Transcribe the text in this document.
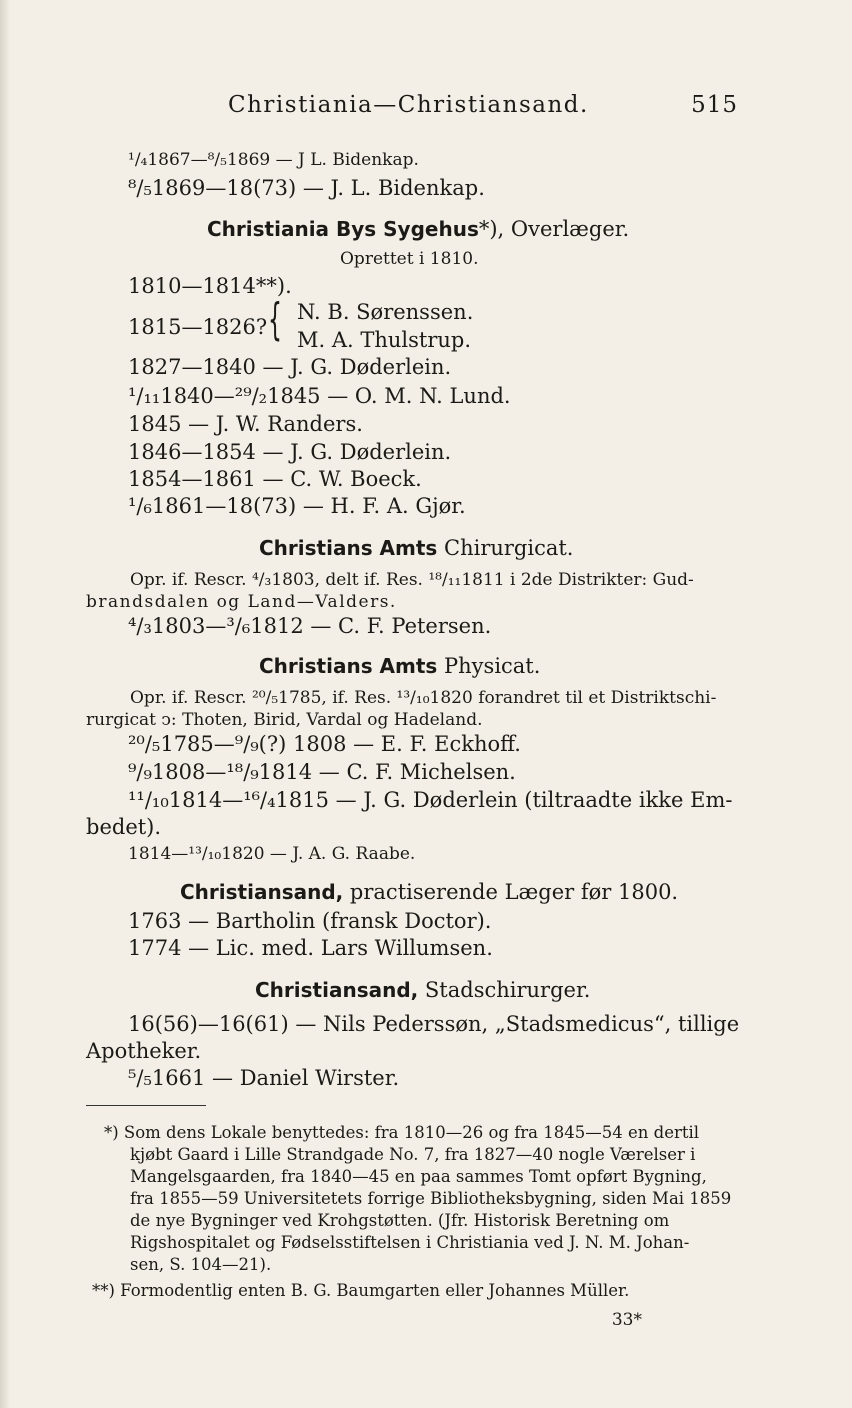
Christiania—Christiansand.	515
¹/₄1867—⁸/₅1869 — J L. Bidenkap.
⁸/₅1869—18(73) — J. L. Bidenkap.
Christiania Bys Sygehus*), Overlæger.
Oprettet i 1810.
1810—1814**).
1815—1826? { N. B. Sørenssen.
M. A. Thulstrup.
1827—1840 — J. G. Døderlein.
¹/₁₁1840—²⁹/₂1845 — O. M. N. Lund.
1845 — J. W. Randers.
1846—1854 — J. G. Døderlein.
1854—1861 — C. W. Boeck.
¹/₆1861—18(73) — H. F. A. Gjør.
Christians Amts Chirurgicat.
Opr. if. Rescr. ⁴/₃1803, delt if. Res. ¹⁸/₁₁1811 i 2de Distrikter: Gud-
brandsdalen og Land—Valders.
⁴/₃1803—³/₆1812 — C. F. Petersen.
Christians Amts Physicat.
Opr. if. Rescr. ²⁰/₅1785, if. Res. ¹³/₁₀1820 forandret til et Distriktschi-
rurgicat ↄ: Thoten, Birid, Vardal og Hadeland.
²⁰/₅1785—⁹/₉(?) 1808 — E. F. Eckhoff.
⁹/₉1808—¹⁸/₉1814 — C. F. Michelsen.
¹¹/₁₀1814—¹⁶/₄1815 — J. G. Døderlein (tiltraadte ikke Em-
bedet).
1814—¹³/₁₀1820 — J. A. G. Raabe.
Christiansand, practiserende Læger før 1800.
1763 — Bartholin (fransk Doctor).
1774 — Lic. med. Lars Willumsen.
Christiansand, Stadschirurger.
16(56)—16(61) — Nils Pederssøn, „Stadsmedicus“, tillige
Apotheker.
⁵/₅1661 — Daniel Wirster.
*) Som dens Lokale benyttedes: fra 1810—26 og fra 1845—54 en dertil
kjøbt Gaard i Lille Strandgade No. 7, fra 1827—40 nogle Værelser i
Mangelsgaarden, fra 1840—45 en paa sammes Tomt opført Bygning,
fra 1855—59 Universitetets forrige Bibliotheksbygning, siden Mai 1859
de nye Bygninger ved Krohgstøtten. (Jfr. Historisk Beretning om
Rigshospitalet og Fødselsstiftelsen i Christiania ved J. N. M. Johan-
sen, S. 104—21).
**) Formodentlig enten B. G. Baumgarten eller Johannes Müller.
33*
